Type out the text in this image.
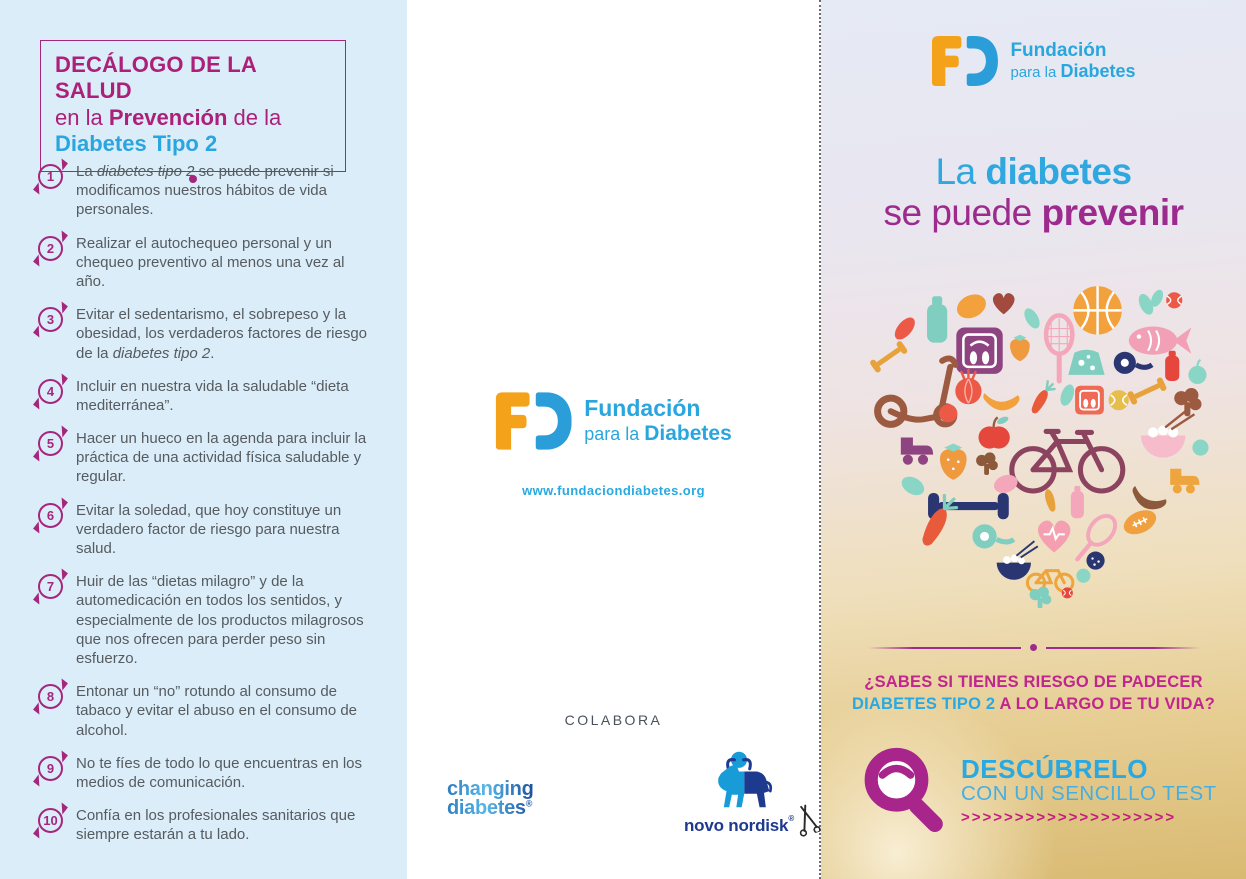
DECÁLOGO DE LA SALUD
en la Prevención de la
Diabetes Tipo 2
1 La diabetes tipo 2 se puede prevenir si modificamos nuestros hábitos de vida personales.

2 Realizar el autochequeo personal y un chequeo preventivo al menos una vez al año.

3 Evitar el sedentarismo, el sobrepeso y la obesidad, los verdaderos factores de riesgo de la diabetes tipo 2.

4 Incluir en nuestra vida la saludable “dieta mediterránea”.

5 Hacer un hueco en la agenda para incluir la práctica de una actividad física saludable y regular.

6 Evitar la soledad, que hoy constituye un verdadero factor de riesgo para nuestra salud.

7 Huir de las “dietas milagro” y de la automedicación en todos los sentidos, y especialmente de los productos milagrosos que nos ofrecen para perder peso sin esfuerzo.

8 Entonar un “no” rotundo al consumo de tabaco y evitar el abuso en el consumo de alcohol.

9 No te fíes de todo lo que encuentras en los medios de comunicación.

10 Confía en los profesionales sanitarios que siempre estarán a tu lado.

Fundación
para la Diabetes
www.fundaciondiabetes.org
COLABORA
changing
diabetes®
novo nordisk®
Fundación
para la Diabetes
La diabetes
se puede prevenir
¿SABES SI TIENES RIESGO DE PADECER
DIABETES TIPO 2 A LO LARGO DE TU VIDA?
DESCÚBRELO
CON UN SENCILLO TEST
>>>>>>>>>>>>>>>>>>>>
